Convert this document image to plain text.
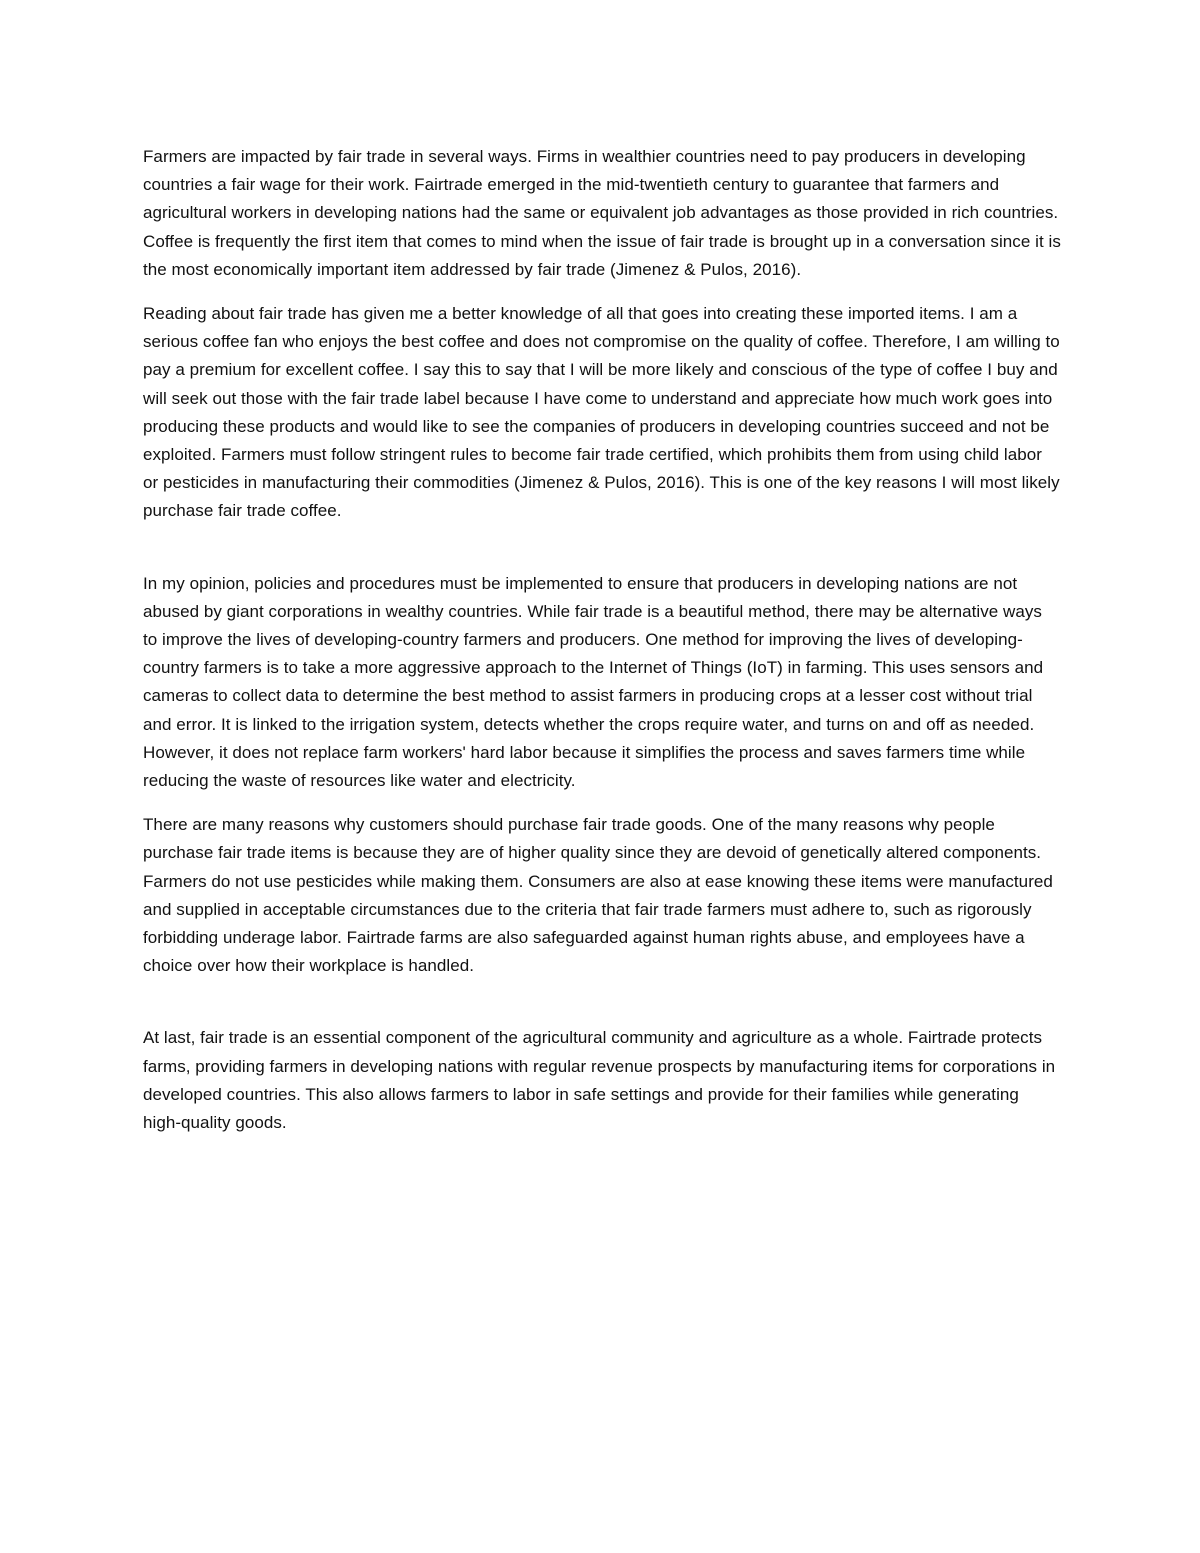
Farmers are impacted by fair trade in several ways. Firms in wealthier countries need to pay producers in developing countries a fair wage for their work. Fairtrade emerged in the mid-twentieth century to guarantee that farmers and agricultural workers in developing nations had the same or equivalent job advantages as those provided in rich countries. Coffee is frequently the first item that comes to mind when the issue of fair trade is brought up in a conversation since it is the most economically important item addressed by fair trade (Jimenez & Pulos, 2016).

Reading about fair trade has given me a better knowledge of all that goes into creating these imported items. I am a serious coffee fan who enjoys the best coffee and does not compromise on the quality of coffee. Therefore, I am willing to pay a premium for excellent coffee. I say this to say that I will be more likely and conscious of the type of coffee I buy and will seek out those with the fair trade label because I have come to understand and appreciate how much work goes into producing these products and would like to see the companies of producers in developing countries succeed and not be exploited. Farmers must follow stringent rules to become fair trade certified, which prohibits them from using child labor or pesticides in manufacturing their commodities (Jimenez & Pulos, 2016). This is one of the key reasons I will most likely purchase fair trade coffee.

In my opinion, policies and procedures must be implemented to ensure that producers in developing nations are not abused by giant corporations in wealthy countries. While fair trade is a beautiful method, there may be alternative ways to improve the lives of developing-country farmers and producers. One method for improving the lives of developing-country farmers is to take a more aggressive approach to the Internet of Things (IoT) in farming. This uses sensors and cameras to collect data to determine the best method to assist farmers in producing crops at a lesser cost without trial and error. It is linked to the irrigation system, detects whether the crops require water, and turns on and off as needed. However, it does not replace farm workers' hard labor because it simplifies the process and saves farmers time while reducing the waste of resources like water and electricity.

There are many reasons why customers should purchase fair trade goods. One of the many reasons why people purchase fair trade items is because they are of higher quality since they are devoid of genetically altered components. Farmers do not use pesticides while making them. Consumers are also at ease knowing these items were manufactured and supplied in acceptable circumstances due to the criteria that fair trade farmers must adhere to, such as rigorously forbidding underage labor. Fairtrade farms are also safeguarded against human rights abuse, and employees have a choice over how their workplace is handled.

At last, fair trade is an essential component of the agricultural community and agriculture as a whole. Fairtrade protects farms, providing farmers in developing nations with regular revenue prospects by manufacturing items for corporations in developed countries. This also allows farmers to labor in safe settings and provide for their families while generating high-quality goods.
